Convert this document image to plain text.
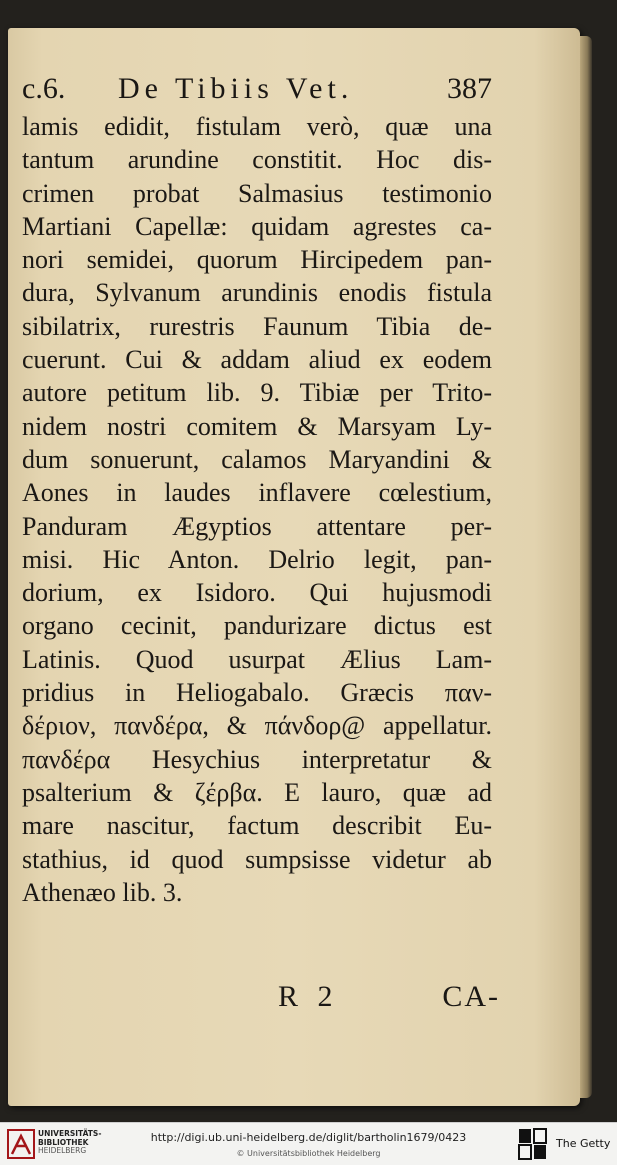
c.6. De Tibiis Vet.	387
lamis edidit, fistulam verò, quæ una
tantum arundine constitit. Hoc dis-
crimen probat Salmasius testimonio
Martiani Capellæ: quidam agrestes ca-
nori semidei, quorum Hircipedem pan-
dura, Sylvanum arundinis enodis fistula
sibilatrix, rurestris Faunum Tibia de-
cuerunt. Cui & addam aliud ex eodem
autore petitum lib. 9. Tibiæ per Trito-
nidem nostri comitem & Marsyam Ly-
dum sonuerunt, calamos Maryandini &
Aones in laudes inflavere cœlestium,
Panduram Ægyptios attentare per-
misi. Hic Anton. Delrio legit, pan-
dorium, ex Isidoro. Qui hujusmodi
organo cecinit, pandurizare dictus est
Latinis. Quod usurpat Ælius Lam-
pridius in Heliogabalo. Græcis παν-
δέριον, πανδέρα, & πάνδορ@ appellatur.
πανδέρα Hesychius interpretatur &
psalterium & ζέρβα. E lauro, quæ ad
mare nascitur, factum describit Eu-
stathius, id quod sumpsisse videtur ab
Athenæo lib. 3.
R 2	CA-
UNIVERSITÄTS-
BIBLIOTHEK
HEIDELBERG
http://digi.ub.uni-heidelberg.de/diglit/bartholin1679/0423
© Universitätsbibliothek Heidelberg
The Getty
